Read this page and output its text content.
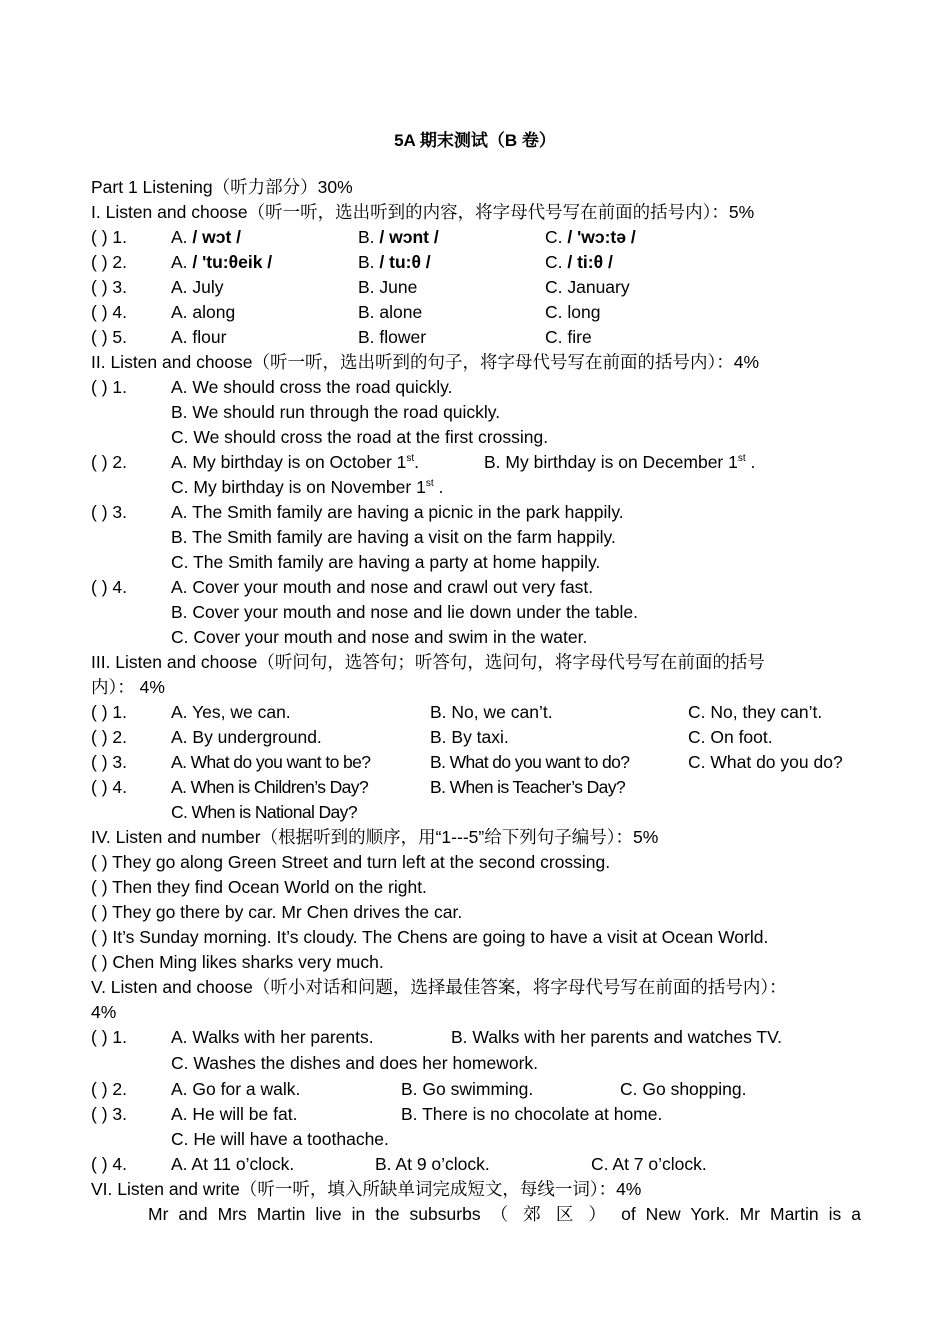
5A 期末测试（B 卷）
Part 1 Listening（听力部分）30%
I. Listen and choose（听一听，选出听到的内容，将字母代号写在前面的括号内）：5%
( ) 1.	A. / wɔt /	B. / wɔnt /	C. / 'wɔ:tə /
( ) 2.	A. / 'tu:θeik /	B. / tu:θ /	C. / ti:θ /
( ) 3.	A. July	B. June	C. January
( ) 4.	A. along	B. alone	C. long
( ) 5.	A. flour	B. flower	C. fire
II. Listen and choose（听一听，选出听到的句子，将字母代号写在前面的括号内）：4%
( ) 1.	A. We should cross the road quickly.
B. We should run through the road quickly.
C. We should cross the road at the first crossing.
( ) 2.	A. My birthday is on October 1st.	B. My birthday is on December 1st .
C. My birthday is on November 1st .
( ) 3.	A. The Smith family are having a picnic in the park happily.
B. The Smith family are having a visit on the farm happily.
C. The Smith family are having a party at home happily.
( ) 4.	A. Cover your mouth and nose and crawl out very fast.
B. Cover your mouth and nose and lie down under the table.
C. Cover your mouth and nose and swim in the water.
III. Listen and choose（听问句，选答句；听答句，选问句，将字母代号写在前面的括号
内）： 4%
( ) 1.	A. Yes, we can.	B. No, we can’t.	C. No, they can’t.
( ) 2.	A. By underground.	B. By taxi.	C. On foot.
( ) 3.	A. What do you want to be?	B. What do you want to do?	C. What do you do?
( ) 4.	A. When is Children’s Day?	B. When is Teacher’s Day?
C. When is National Day?
IV. Listen and number（根据听到的顺序，用“1---5”给下列句子编号）：5%
( ) They go along Green Street and turn left at the second crossing.
( ) Then they find Ocean World on the right.
( ) They go there by car. Mr Chen drives the car.
( ) It’s Sunday morning. It’s cloudy. The Chens are going to have a visit at Ocean World.
( ) Chen Ming likes sharks very much.
V. Listen and choose（听小对话和问题，选择最佳答案，将字母代号写在前面的括号内）：
4%
( ) 1.	A. Walks with her parents.	B. Walks with her parents and watches TV.
C. Washes the dishes and does her homework.
( ) 2.	A. Go for a walk.	B. Go swimming.	C. Go shopping.
( ) 3.	A. He will be fat.	B. There is no chocolate at home.
C. He will have a toothache.
( ) 4.	A. At 11 o’clock.	B. At 9 o’clock.	C. At 7 o’clock.
VI. Listen and write（听一听，填入所缺单词完成短文，每线一词）：4%
Mr and Mrs Martin live in the subsurbs （ 郊 区 ） of New York. Mr Martin is a
